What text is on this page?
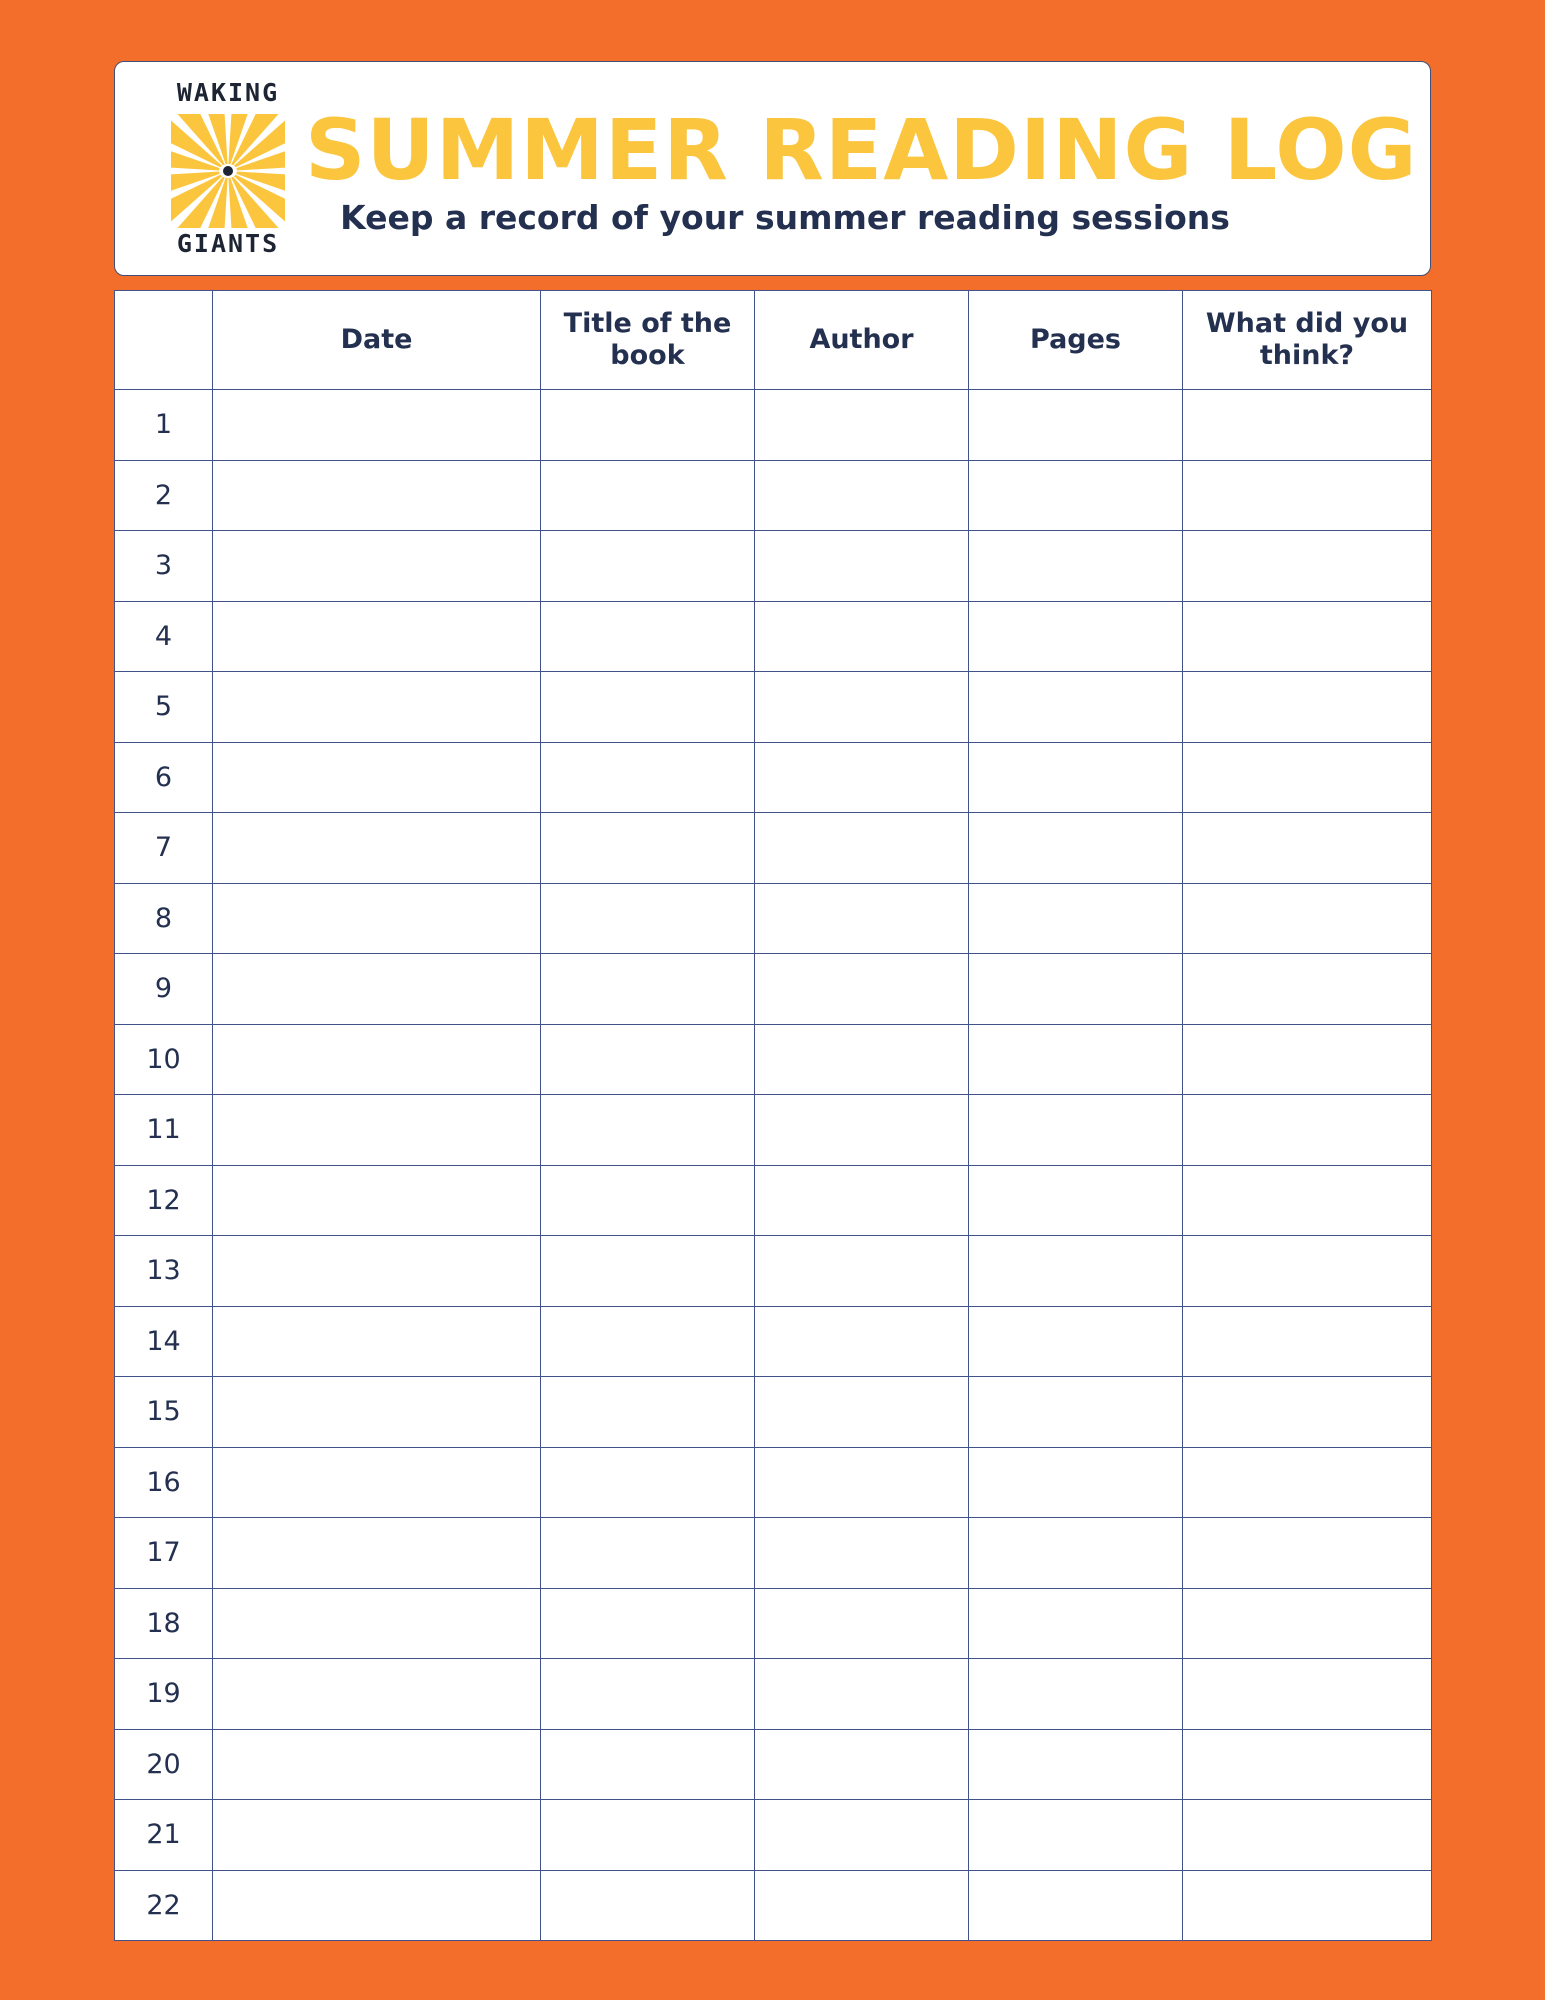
WAKING
GIANTS
SUMMER READING LOG
Keep a record of your summer reading sessions
	Date	Title of the book	Author	Pages	What did you think?
1					
2					
3					
4					
5					
6					
7					
8					
9					
10					
11					
12					
13					
14					
15					
16					
17					
18					
19					
20					
21					
22					
